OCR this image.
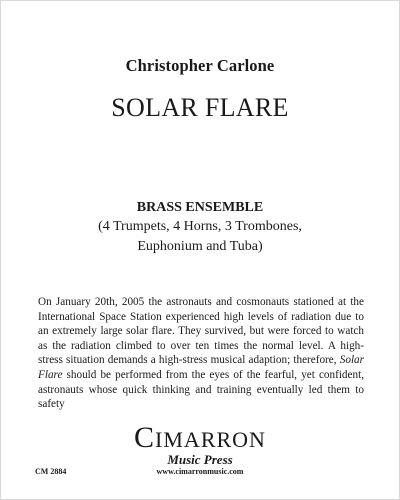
Christopher Carlone
SOLAR FLARE
BRASS ENSEMBLE
(4 Trumpets, 4 Horns, 3 Trombones,
Euphonium and Tuba)
On January 20th, 2005 the astronauts and cosmonauts stationed at the
International Space Station experienced high levels of radiation due to
an extremely large solar flare. They survived, but were forced to watch
as the radiation climbed to over ten times the normal level. A high-
stress situation demands a high-stress musical adaption; therefore, Solar
Flare should be performed from the eyes of the fearful, yet confident,
astronauts whose quick thinking and training eventually led them to
safety
CIMARRON
Music Press
CM 2884	www.cimarronmusic.com
